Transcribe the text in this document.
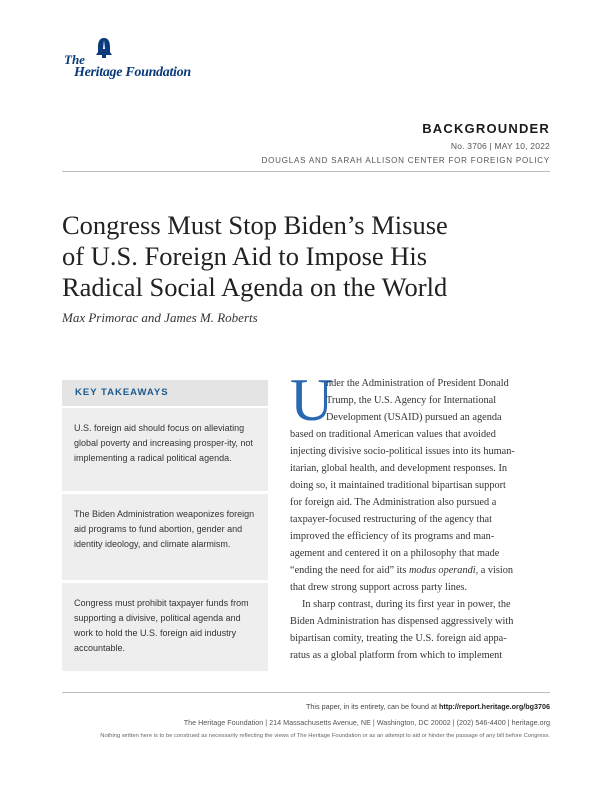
The
Heritage Foundation
BACKGROUNDER
No. 3706 | MAY 10, 2022
DOUGLAS AND SARAH ALLISON CENTER FOR FOREIGN POLICY
Congress Must Stop Biden’s Misuse
of U.S. Foreign Aid to Impose His
Radical Social Agenda on the World
Max Primorac and James M. Roberts
KEY TAKEAWAYS
U.S. foreign aid should focus on alleviating global poverty and increasing prosper-ity, not implementing a radical political agenda.
The Biden Administration weaponizes foreign aid programs to fund abortion, gender and identity ideology, and climate alarmism.
Congress must prohibit taxpayer funds from supporting a divisive, political agenda and work to hold the U.S. foreign aid industry accountable.
U
nder the Administration of President Donald
Trump, the U.S. Agency for International
Development (USAID) pursued an agenda
based on traditional American values that avoided
injecting divisive socio-political issues into its human-
itarian, global health, and development responses. In
doing so, it maintained traditional bipartisan support
for foreign aid. The Administration also pursued a
taxpayer-focused restructuring of the agency that
improved the efficiency of its programs and man-
agement and centered it on a philosophy that made
“ending the need for aid” its modus operandi, a vision
that drew strong support across party lines.
In sharp contrast, during its first year in power, the
Biden Administration has dispensed aggressively with
bipartisan comity, treating the U.S. foreign aid appa-
ratus as a global platform from which to implement
This paper, in its entirety, can be found at http://report.heritage.org/bg3706
The Heritage Foundation | 214 Massachusetts Avenue, NE | Washington, DC 20002 | (202) 546-4400 | heritage.org
Nothing written here is to be construed as necessarily reflecting the views of The Heritage Foundation or as an attempt to aid or hinder the passage of any bill before Congress.
